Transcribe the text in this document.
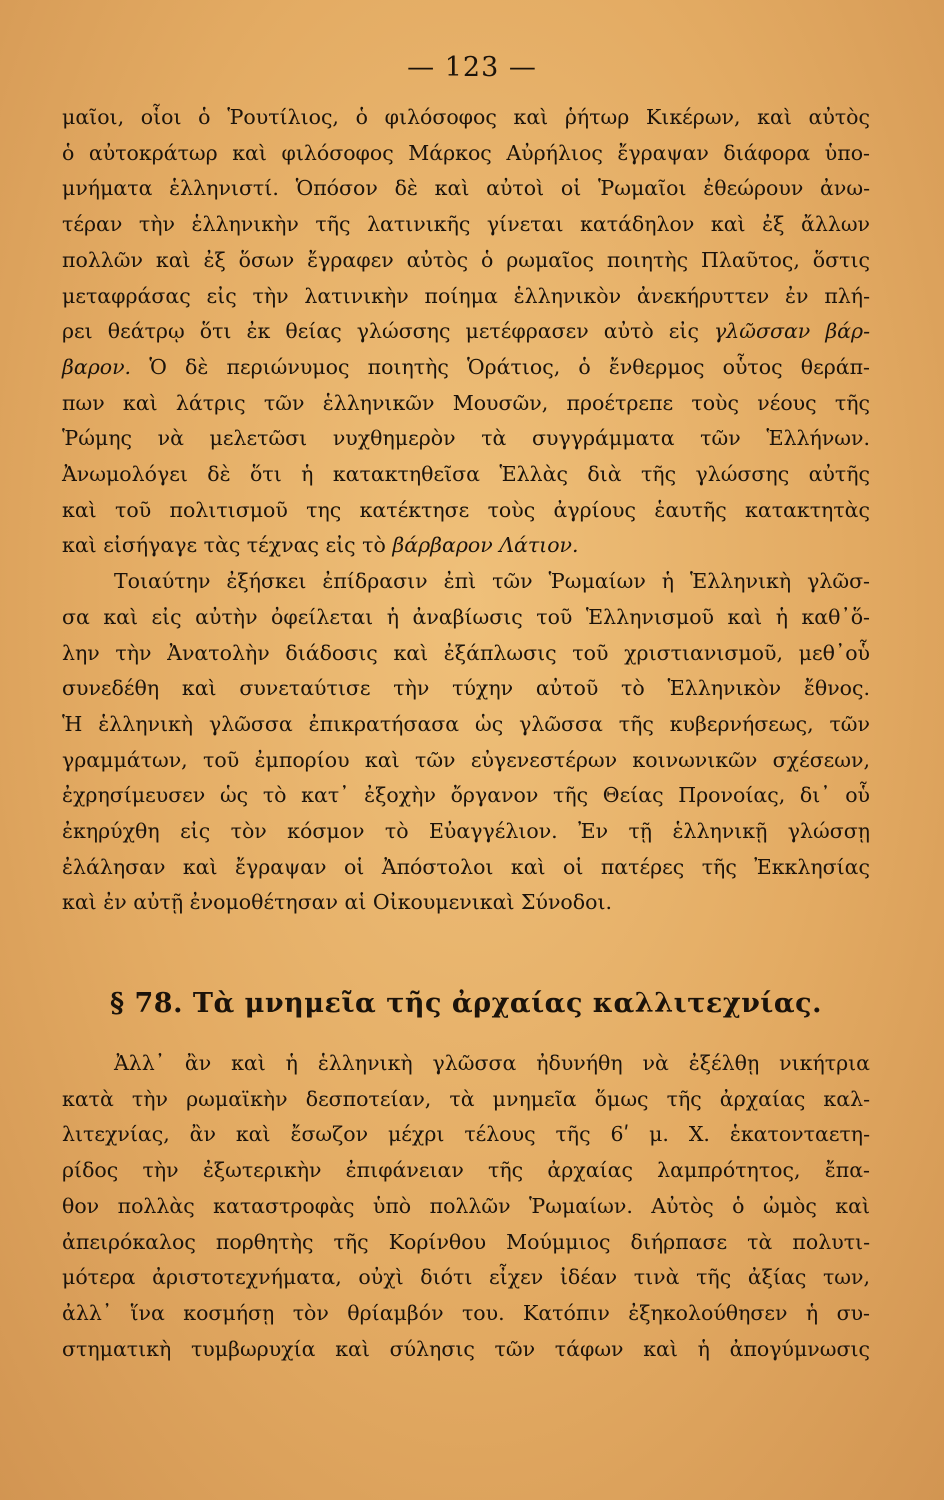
— 123 —

μαῖοι, οἷοι ὁ Ῥουτίλιος, ὁ φιλόσοφος καὶ ῥήτωρ Κικέρων, καὶ αὐτὸς
ὁ αὐτοκράτωρ καὶ φιλόσοφος Μάρκος Αὐρήλιος ἔγραψαν διάφορα ὑπο-
μνήματα ἑλληνιστί. Ὁπόσον δὲ καὶ αὐτοὶ οἱ Ῥωμαῖοι ἐθεώρουν ἀνω-
τέραν τὴν ἑλληνικὴν τῆς λατινικῆς γίνεται κατάδηλον καὶ ἐξ ἄλλων
πολλῶν καὶ ἐξ ὅσων ἔγραφεν αὐτὸς ὁ ρωμαῖος ποιητὴς Πλαῦτος, ὅστις
μεταφράσας εἰς τὴν λατινικὴν ποίημα ἑλληνικὸν ἀνεκήρυττεν ἐν πλή-
ρει θεάτρῳ ὅτι ἐκ θείας γλώσσης μετέφρασεν αὐτὸ εἰς γλῶσσαν βάρ-
βαρον. Ὁ δὲ περιώνυμος ποιητὴς Ὁράτιος, ὁ ἔνθερμος οὗτος θεράπ-
πων καὶ λάτρις τῶν ἑλληνικῶν Μουσῶν, προέτρεπε τοὺς νέους τῆς
Ῥώμης νὰ μελετῶσι νυχθημερὸν τὰ συγγράμματα τῶν Ἑλλήνων.
Ἀνωμολόγει δὲ ὅτι ἡ κατακτηθεῖσα Ἑλλὰς διὰ τῆς γλώσσης αὐτῆς
καὶ τοῦ πολιτισμοῦ της κατέκτησε τοὺς ἀγρίους ἑαυτῆς κατακτητὰς
καὶ εἰσήγαγε τὰς τέχνας εἰς τὸ βάρβαρον Λάτιον.

Τοιαύτην ἐξήσκει ἐπίδρασιν ἐπὶ τῶν Ῥωμαίων ἡ Ἑλληνικὴ γλῶσ-
σα καὶ εἰς αὐτὴν ὀφείλεται ἡ ἀναβίωσις τοῦ Ἑλληνισμοῦ καὶ ἡ καθ᾽ὅ-
λην τὴν Ἀνατολὴν διάδοσις καὶ ἐξάπλωσις τοῦ χριστιανισμοῦ, μεθ᾽οὗ
συνεδέθη καὶ συνεταύτισε τὴν τύχην αὐτοῦ τὸ Ἑλληνικὸν ἔθνος.
Ἡ ἑλληνικὴ γλῶσσα ἐπικρατήσασα ὡς γλῶσσα τῆς κυβερνήσεως, τῶν
γραμμάτων, τοῦ ἐμπορίου καὶ τῶν εὐγενεστέρων κοινωνικῶν σχέσεων,
ἐχρησίμευσεν ὡς τὸ κατ᾽ ἐξοχὴν ὄργανον τῆς Θείας Προνοίας, δι᾽ οὗ
ἐκηρύχθη εἰς τὸν κόσμον τὸ Εὐαγγέλιον. Ἐν τῇ ἑλληνικῇ γλώσσῃ
ἐλάλησαν καὶ ἔγραψαν οἱ Ἀπόστολοι καὶ οἱ πατέρες τῆς Ἐκκλησίας
καὶ ἐν αὐτῇ ἐνομοθέτησαν αἱ Οἰκουμενικαὶ Σύνοδοι.

§ 78. Τὰ μνημεῖα τῆς ἀρχαίας καλλιτεχνίας.

Ἀλλ᾽ ἂν καὶ ἡ ἑλληνικὴ γλῶσσα ἠδυνήθη νὰ ἐξέλθῃ νικήτρια
κατὰ τὴν ρωμαϊκὴν δεσποτείαν, τὰ μνημεῖα ὅμως τῆς ἀρχαίας καλ-
λιτεχνίας, ἂν καὶ ἔσωζον μέχρι τέλους τῆς 6ʹ μ. Χ. ἑκατονταετη-
ρίδος τὴν ἐξωτερικὴν ἐπιφάνειαν τῆς ἀρχαίας λαμπρότητος, ἔπα-
θον πολλὰς καταστροφὰς ὑπὸ πολλῶν Ῥωμαίων. Αὐτὸς ὁ ὠμὸς καὶ
ἀπειρόκαλος πορθητὴς τῆς Κορίνθου Μούμμιος διήρπασε τὰ πολυτι-
μότερα ἀριστοτεχνήματα, οὐχὶ διότι εἶχεν ἰδέαν τινὰ τῆς ἀξίας των,
ἀλλ᾽ ἵνα κοσμήσῃ τὸν θρίαμβόν του. Κατόπιν ἐξηκολούθησεν ἡ συ-
στηματικὴ τυμβωρυχία καὶ σύλησις τῶν τάφων καὶ ἡ ἀπογύμνωσις
